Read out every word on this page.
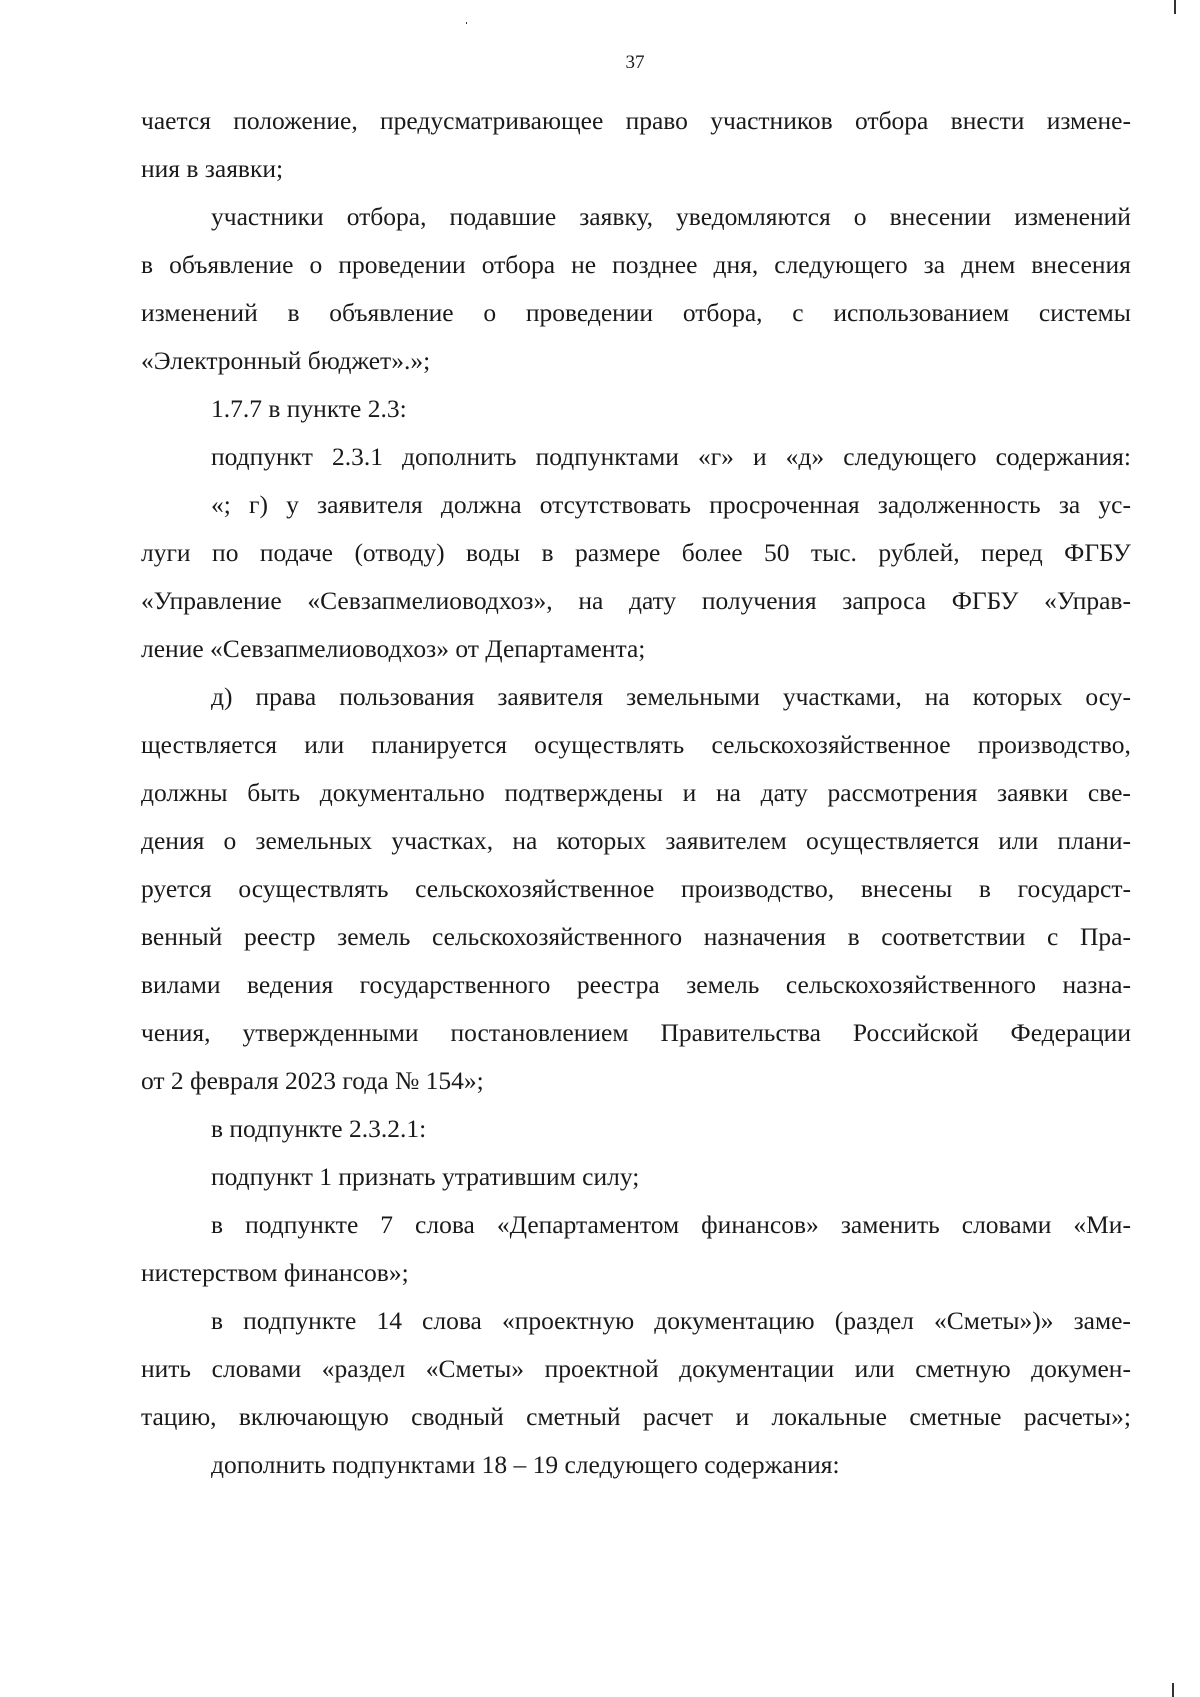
37
чается положение, предусматривающее право участников отбора внести измене-
ния в заявки;
участники отбора, подавшие заявку, уведомляются о внесении изменений
в объявление о проведении отбора не позднее дня, следующего за днем внесения
изменений в объявление о проведении отбора, с использованием системы
«Электронный бюджет».»;
1.7.7 в пункте 2.3:
подпункт 2.3.1 дополнить подпунктами «г» и «д» следующего содержания:
«; г) у заявителя должна отсутствовать просроченная задолженность за ус-
луги по подаче (отводу) воды в размере более 50 тыс. рублей, перед ФГБУ
«Управление «Севзапмелиоводхоз», на дату получения запроса ФГБУ «Управ-
ление «Севзапмелиоводхоз» от Департамента;
д) права пользования заявителя земельными участками, на которых осу-
ществляется или планируется осуществлять сельскохозяйственное производство,
должны быть документально подтверждены и на дату рассмотрения заявки све-
дения о земельных участках, на которых заявителем осуществляется или плани-
руется осуществлять сельскохозяйственное производство, внесены в государст-
венный реестр земель сельскохозяйственного назначения в соответствии с Пра-
вилами ведения государственного реестра земель сельскохозяйственного назна-
чения, утвержденными постановлением Правительства Российской Федерации
от 2 февраля 2023 года № 154»;
в подпункте 2.3.2.1:
подпункт 1 признать утратившим силу;
в подпункте 7 слова «Департаментом финансов» заменить словами «Ми-
нистерством финансов»;
в подпункте 14 слова «проектную документацию (раздел «Сметы»)» заме-
нить словами «раздел «Сметы» проектной документации или сметную докумен-
тацию, включающую сводный сметный расчет и локальные сметные расчеты»;
дополнить подпунктами 18 – 19 следующего содержания:
